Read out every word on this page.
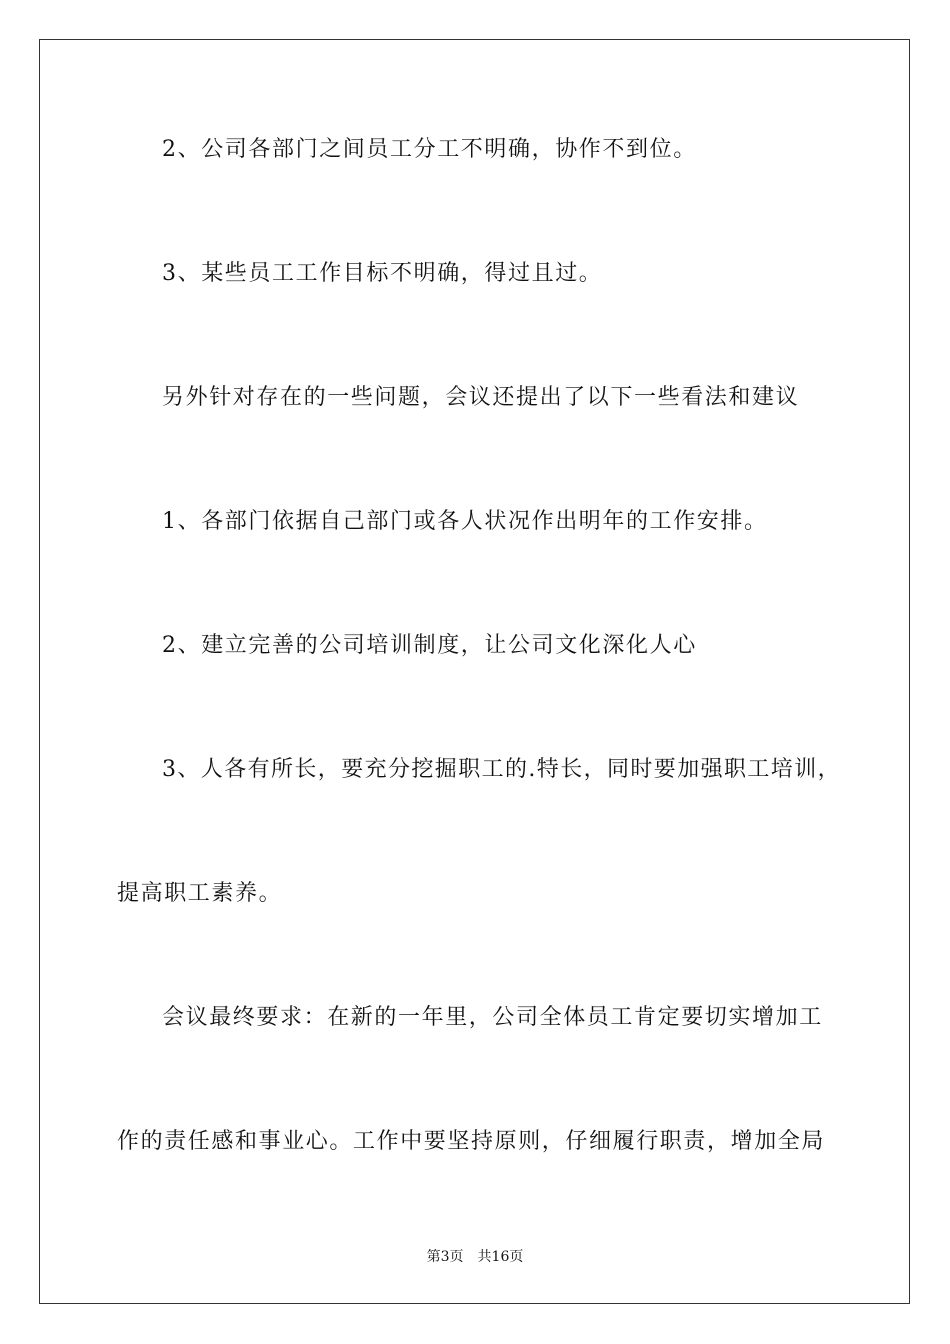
2、公司各部门之间员工分工不明确，协作不到位。
3、某些员工工作目标不明确，得过且过。
另外针对存在的一些问题，会议还提出了以下一些看法和建议
1、各部门依据自己部门或各人状况作出明年的工作安排。
2、建立完善的公司培训制度，让公司文化深化人心
3、人各有所长，要充分挖掘职工的.特长，同时要加强职工培训，
提高职工素养。
会议最终要求：在新的一年里，公司全体员工肯定要切实增加工
作的责任感和事业心。工作中要坚持原则，仔细履行职责，增加全局
第3页 共16页
